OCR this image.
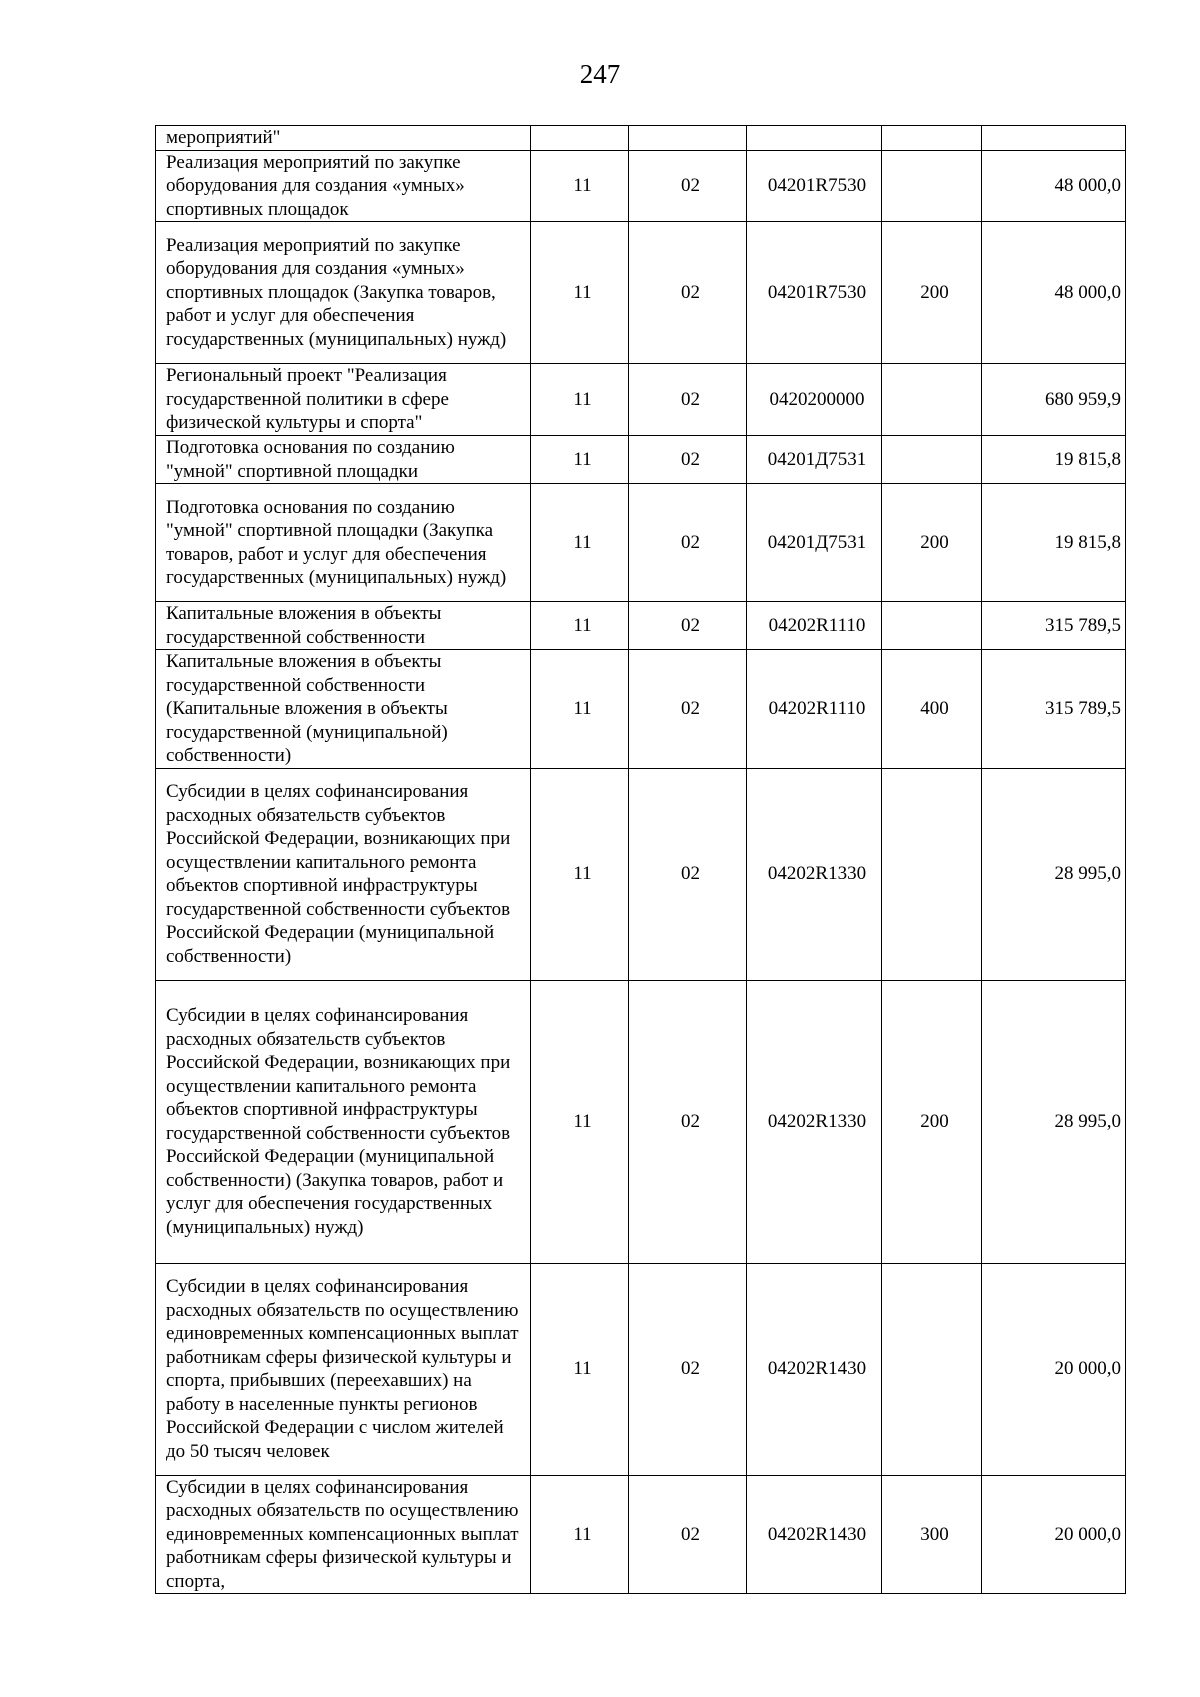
247
мероприятий"					
Реализация мероприятий по закупке оборудования для создания «умных» спортивных площадок	11	02	04201R7530		48 000,0
Реализация мероприятий по закупке оборудования для создания «умных» спортивных площадок (Закупка товаров, работ и услуг для обеспечения государственных (муниципальных) нужд)	11	02	04201R7530	200	48 000,0
Региональный проект "Реализация государственной политики в сфере физической культуры и спорта"	11	02	0420200000		680 959,9
Подготовка основания по созданию "умной" спортивной площадки	11	02	04201Д7531		19 815,8
Подготовка основания по созданию "умной" спортивной площадки (Закупка товаров, работ и услуг для обеспечения государственных (муниципальных) нужд)	11	02	04201Д7531	200	19 815,8
Капитальные вложения в объекты государственной собственности	11	02	04202R1110		315 789,5
Капитальные вложения в объекты государственной собственности (Капитальные вложения в объекты государственной (муниципальной) собственности)	11	02	04202R1110	400	315 789,5
Субсидии в целях софинансирования расходных обязательств субъектов Российской Федерации, возникающих при осуществлении капитального ремонта объектов спортивной инфраструктуры государственной собственности субъектов Российской Федерации (муниципальной собственности)	11	02	04202R1330		28 995,0
Субсидии в целях софинансирования расходных обязательств субъектов Российской Федерации, возникающих при осуществлении капитального ремонта объектов спортивной инфраструктуры государственной собственности субъектов Российской Федерации (муниципальной собственности) (Закупка товаров, работ и услуг для обеспечения государственных (муниципальных) нужд)	11	02	04202R1330	200	28 995,0
Субсидии в целях софинансирования расходных обязательств по осуществлению единовременных компенсационных выплат работникам сферы физической культуры и спорта, прибывших (переехавших) на работу в населенные пункты регионов Российской Федерации с числом жителей до 50 тысяч человек	11	02	04202R1430		20 000,0
Субсидии в целях софинансирования расходных обязательств по осуществлению единовременных компенсационных выплат работникам сферы физической культуры и спорта,	11	02	04202R1430	300	20 000,0
